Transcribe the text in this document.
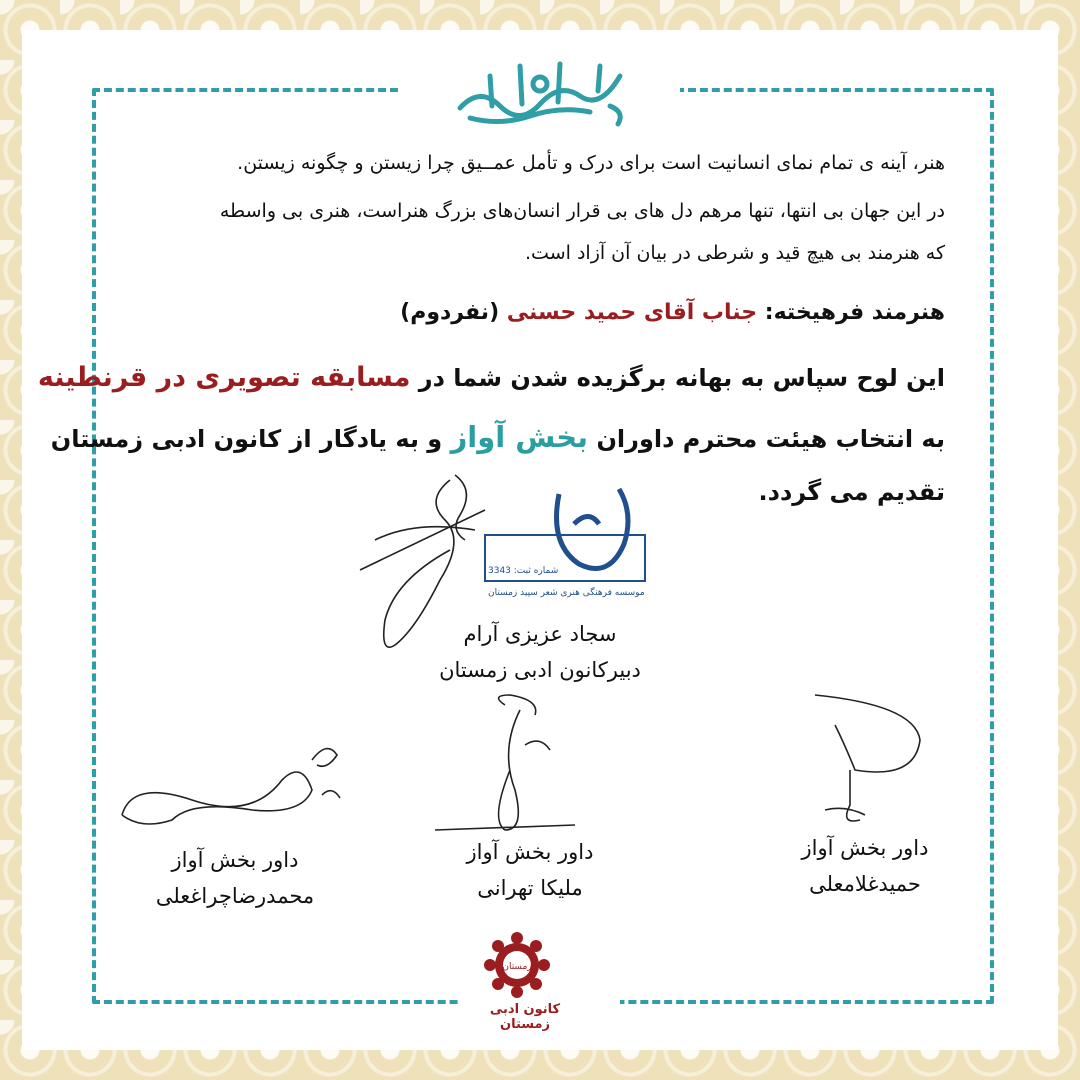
هنر، آینه ی تمام نمای انسانیت است برای درک و تأمل عمــیق چرا زیستن و چگونه زیستن.
در این جهان بی انتها، تنها مرهم دل های بی قرار انسان‌های بزرگ هنراست، هنری بی واسطه
که هنرمند بی هیچ قید و شرطی در بیان آن آزاد است.
هنرمند فرهیخته: جناب آقای حمید حسنی (نفردوم)
این لوح سپاس به بهانه برگزیده شدن شما در مسابقه تصویری در قرنطینه
به انتخاب هیئت محترم داوران بخش آواز و به یادگار از کانون ادبی زمستان
تقدیم می گردد.
شماره ثبت: 3343
موسسه فرهنگی هنری شعر سپید زمستان
سجاد عزیزی آرام
دبیرکانون ادبی زمستان
داور بخش آواز
محمدرضاچراغعلی
داور بخش آواز
ملیکا تهرانی
داور بخش آواز
حمیدغلامعلی
زمستان
کانون ادبی زمستان
